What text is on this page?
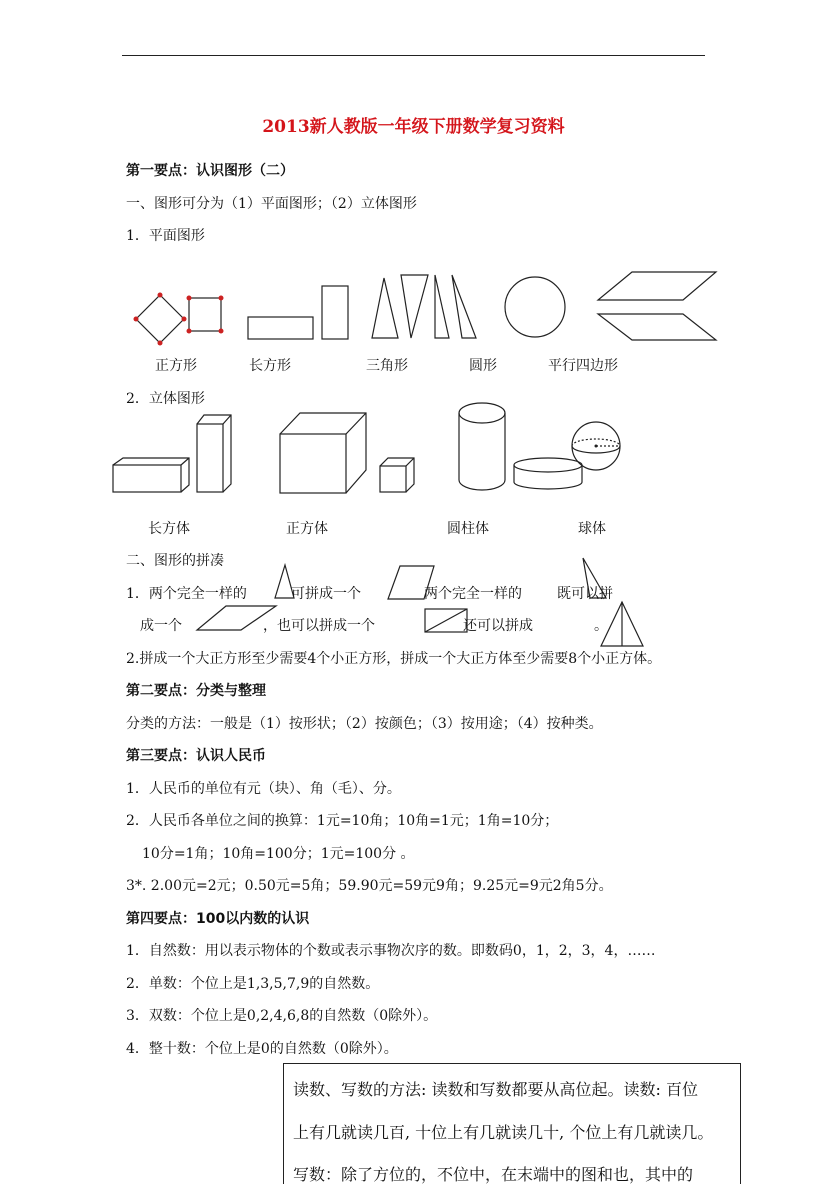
2013新人教版一年级下册数学复习资料
第一要点：认识图形（二）
一、图形可分为（1）平面图形；（2）立体图形
1．平面图形
正方形	长方形	三角形	圆形	平行四边形
2．立体图形
长方体	正方体	圆柱体	球体
二、图形的拼凑
1．两个完全一样的	可拼成一个	两个完全一样的	既可以拼
成一个	，也可以拼成一个	还可以拼成	。
2.拼成一个大正方形至少需要4个小正方形，拼成一个大正方体至少需要8个小正方体。
第二要点：分类与整理
分类的方法：一般是（1）按形状；（2）按颜色；（3）按用途；（4）按种类。
第三要点：认识人民币
1．人民币的单位有元（块）、角（毛）、分。
2．人民币各单位之间的换算：1元=10角；10角=1元；1角=10分；
10分=1角；10角=100分；1元=100分 。
3*. 2.00元=2元；0.50元=5角；59.90元=59元9角；9.25元=9元2角5分。
第四要点：100以内数的认识
1．自然数：用以表示物体的个数或表示事物次序的数。即数码0，1，2，3，4，……
2．单数：个位上是1,3,5,7,9的自然数。
3．双数：个位上是0,2,4,6,8的自然数（0除外）。
4．整十数：个位上是0的自然数（0除外）。
读数、写数的方法: 读数和写数都要从高位起。读数: 百位
上有几就读几百, 十位上有几就读几十, 个位上有几就读几。
写数：除了方位的，不位中，在末端中的图和也，其中的
